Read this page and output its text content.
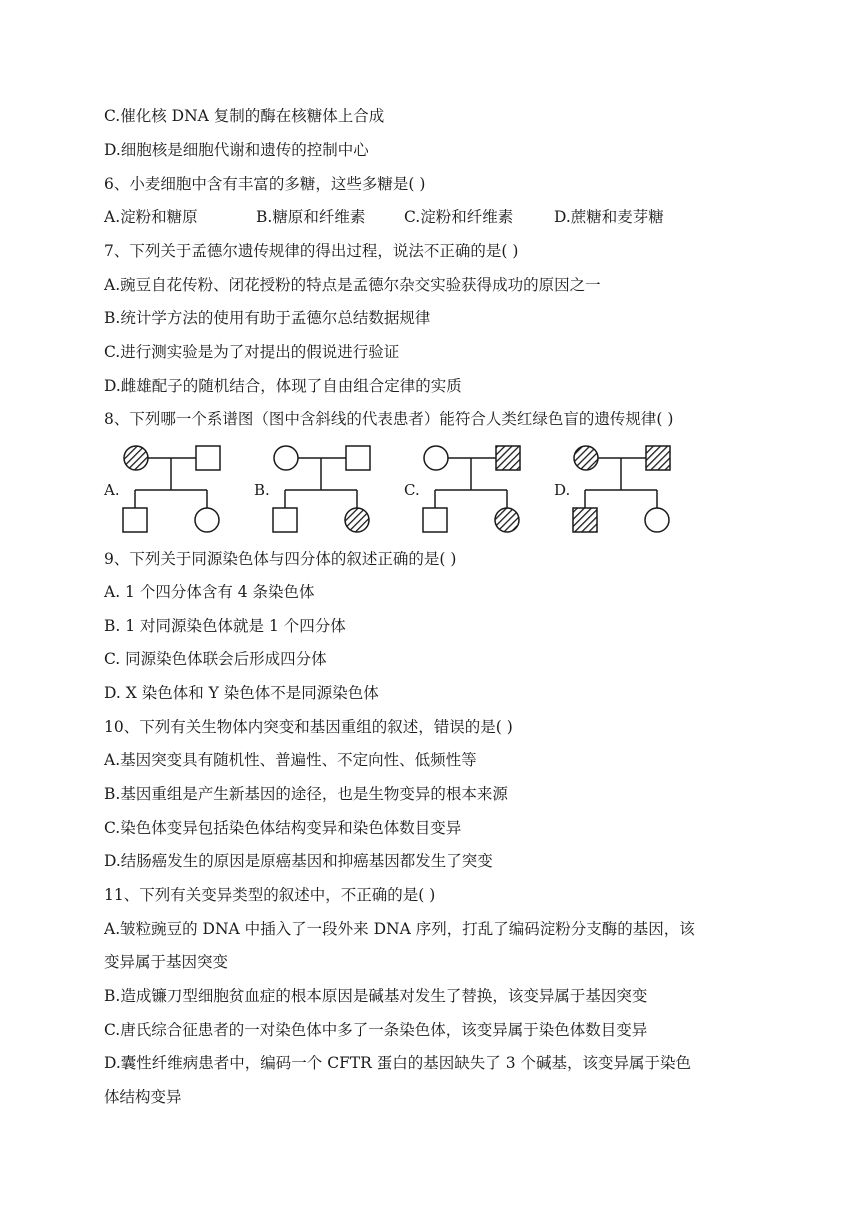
C.催化核 DNA 复制的酶在核糖体上合成
D.细胞核是细胞代谢和遗传的控制中心
6、小麦细胞中含有丰富的多糖，这些多糖是( )
A.淀粉和糖原	B.糖原和纤维素 C.淀粉和纤维素	D.蔗糖和麦芽糖
7、下列关于孟德尔遗传规律的得出过程，说法不正确的是( )
A.豌豆自花传粉、闭花授粉的特点是孟德尔杂交实验获得成功的原因之一
B.统计学方法的使用有助于孟德尔总结数据规律
C.进行测实验是为了对提出的假说进行验证
D.雌雄配子的随机结合，体现了自由组合定律的实质
8、下列哪一个系谱图（图中含斜线的代表患者）能符合人类红绿色盲的遗传规律( )
A.	B.	C.	D.
9、下列关于同源染色体与四分体的叙述正确的是( )
A. 1 个四分体含有 4 条染色体
B. 1 对同源染色体就是 1 个四分体
C. 同源染色体联会后形成四分体
D. X 染色体和 Y 染色体不是同源染色体
10、下列有关生物体内突变和基因重组的叙述，错误的是( )
A.基因突变具有随机性、普遍性、不定向性、低频性等
B.基因重组是产生新基因的途径，也是生物变异的根本来源
C.染色体变异包括染色体结构变异和染色体数目变异
D.结肠癌发生的原因是原癌基因和抑癌基因都发生了突变
11、下列有关变异类型的叙述中，不正确的是( )
A.皱粒豌豆的 DNA 中插入了一段外来 DNA 序列，打乱了编码淀粉分支酶的基因，该
变异属于基因突变
B.造成镰刀型细胞贫血症的根本原因是碱基对发生了替换，该变异属于基因突变
C.唐氏综合征患者的一对染色体中多了一条染色体，该变异属于染色体数目变异
D.囊性纤维病患者中，编码一个 CFTR 蛋白的基因缺失了 3 个碱基，该变异属于染色
体结构变异
